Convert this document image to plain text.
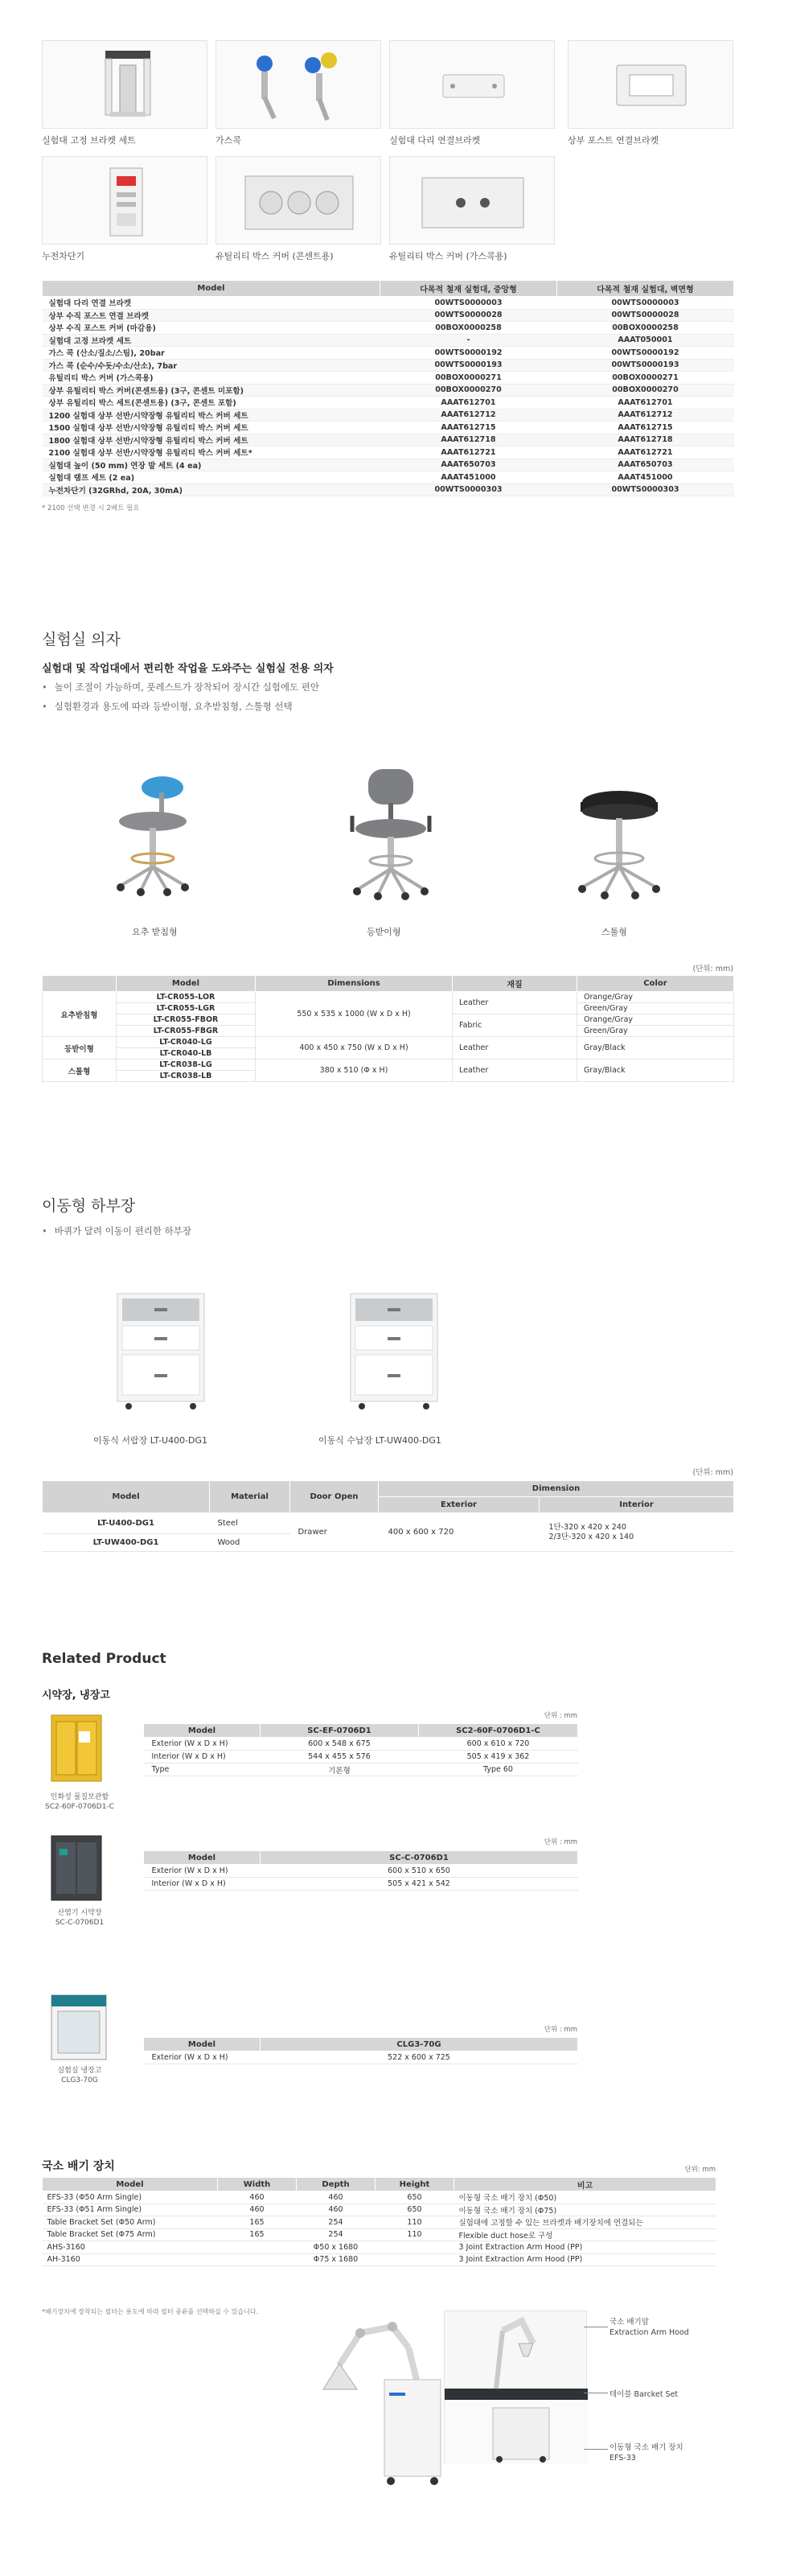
실험대 고정 브라켓 세트	가스콕	실험대 다리 연결브라켓	상부 포스트 연결브라켓
누전차단기	유틸리티 박스 커버 (콘센트용)	유틸리티 박스 커버 (가스콕용)
Model	다목적 철재 실험대, 중앙형	다목적 철재 실험대, 벽면형
실험대 다리 연결 브라켓	00WTS0000003	00WTS0000003
상부 수직 포스트 연결 브라켓	00WTS0000028	00WTS0000028
상부 수직 포스트 커버 (마감용)	00BOX0000258	00BOX0000258
실험대 고정 브라켓 세트	-	AAAT050001
가스 콕 (산소/질소/스팀), 20bar	00WTS0000192	00WTS0000192
가스 콕 (순수/수돗/수소/산소), 7bar	00WTS0000193	00WTS0000193
유틸리티 박스 커버 (가스콕용)	00BOX0000271	00BOX0000271
상부 유틸리티 박스 커버(콘센트용) (3구, 콘센트 미포함)	00BOX0000270	00BOX0000270
상부 유틸리티 박스 세트(콘센트용) (3구, 콘센트 포함)	AAAT612701	AAAT612701
1200 실험대 상부 선반/시약장형 유틸리티 박스 커버 세트	AAAT612712	AAAT612712
1500 실험대 상부 선반/시약장형 유틸리티 박스 커버 세트	AAAT612715	AAAT612715
1800 실험대 상부 선반/시약장형 유틸리티 박스 커버 세트	AAAT612718	AAAT612718
2100 실험대 상부 선반/시약장형 유틸리티 박스 커버 세트*	AAAT612721	AAAT612721
실험대 높이 (50 mm) 연장 발 세트 (4 ea)	AAAT650703	AAAT650703
실험대 램프 세트 (2 ea)	AAAT451000	AAAT451000
누전차단기 (32GRhd, 20A, 30mA)	00WTS0000303	00WTS0000303
* 2100 선택 변경 시 2배트 필요
실험실 의자
실험대 및 작업대에서 편리한 작업을 도와주는 실험실 전용 의자
• 높이 조절이 가능하며, 풋레스트가 장착되어 장시간 실험에도 편안
• 실험환경과 용도에 따라 등받이형, 요추받침형, 스툴형 선택
요추 받침형	등받이형	스툴형
(단위: mm)
	Model	Dimensions	재질	Color
요추받침형	LT-CR055-LOR	550 x 535 x 1000 (W x D x H)	Leather	Orange/Gray
	LT-CR055-LGR			Green/Gray
	LT-CR055-FBOR		Fabric	Orange/Gray
	LT-CR055-FBGR			Green/Gray
등받이형	LT-CR040-LG	400 x 450 x 750 (W x D x H)	Leather	Gray/Black
	LT-CR040-LB			
스툴형	LT-CR038-LG	380 x 510 (Φ x H)	Leather	Gray/Black
	LT-CR038-LB			
이동형 하부장
• 바퀴가 달려 이동이 편리한 하부장
이동식 서랍장 LT-U400-DG1	이동식 수납장 LT-UW400-DG1
(단위: mm)
Model	Material	Door Open	Dimension	
			Exterior	Interior
LT-U400-DG1	Steel	Drawer	400 x 600 x 720	1단-320 x 420 x 240
2/3단-320 x 420 x 140

LT-UW400-DG1	Wood			
Related Product
시약장, 냉장고
인화성 물질보관함
SC2-60F-0706D1-C
단위 : mm
Model	SC-EF-0706D1	SC2-60F-0706D1-C
Exterior (W x D x H)	600 x 548 x 675	600 x 610 x 720
Interior (W x D x H)	544 x 455 x 576	505 x 419 x 362
Type	기본형	Type 60
산염기 시약장
SC-C-0706D1
단위 : mm
Model	SC-C-0706D1
Exterior (W x D x H)	600 x 510 x 650
Interior (W x D x H)	505 x 421 x 542
실험실 냉장고
CLG3-70G
단위 : mm
Model	CLG3-70G
Exterior (W x D x H)	522 x 600 x 725
국소 배기 장치	단위: mm
Model	Width	Depth	Height	비고
EFS-33 (Φ50 Arm Single)	460	460	650	이동형 국소 배기 장치 (Φ50)
EFS-33 (Φ51 Arm Single)	460	460	650	이동형 국소 배기 장치 (Φ75)
Table Bracket Set (Φ50 Arm)	165	254	110	실험대에 고정할 수 있는 브라켓과 배기장치에 연결되는
Table Bracket Set (Φ75 Arm)	165	254	110	Flexible duct hose로 구성
AHS-3160		Φ50 x 1680		3 Joint Extraction Arm Hood (PP)
AH-3160		Φ75 x 1680		3 Joint Extraction Arm Hood (PP)
*배기장치에 장착되는 필터는 용도에 따라 필터 종류를 선택하실 수 있습니다.
국소 배기암
Extraction Arm Hood
테이블 Barcket Set
이동형 국소 배기 장치
EFS-33
